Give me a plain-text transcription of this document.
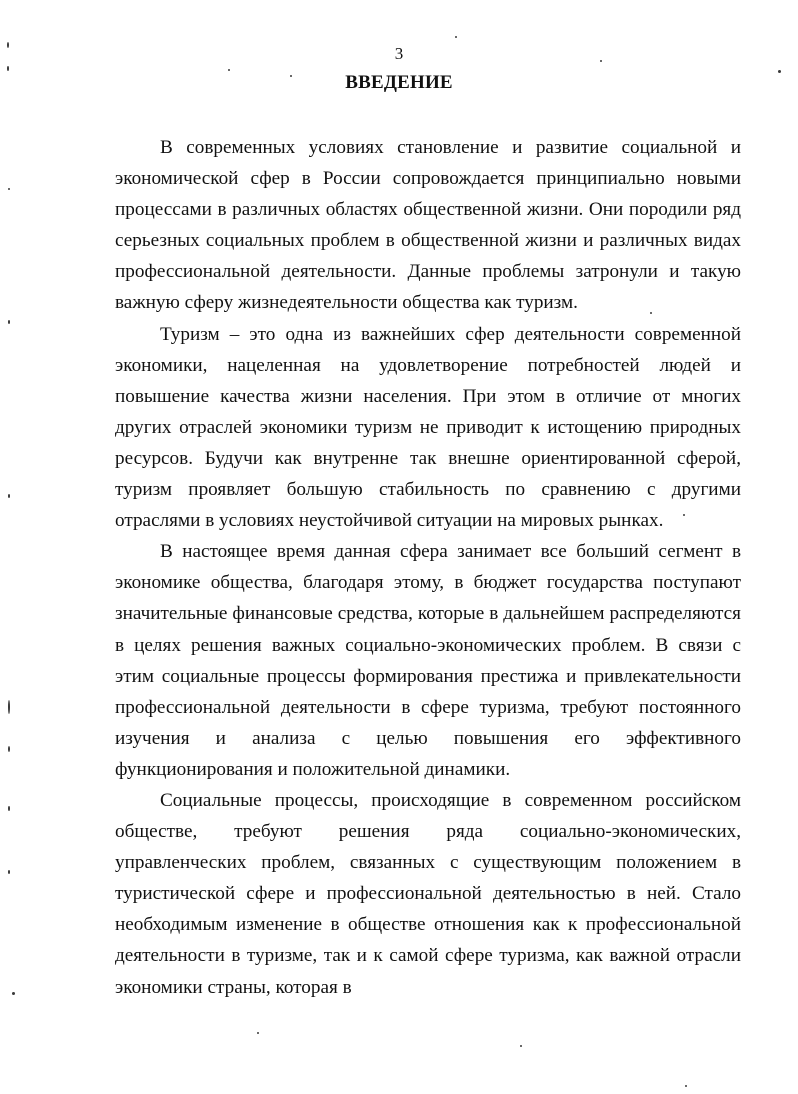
3
ВВЕДЕНИЕ

В современных условиях становление и развитие социальной и экономической сфер в России сопровождается принципиально новыми процессами в различных областях общественной жизни. Они породили ряд серьезных социальных проблем в общественной жизни и различных видах профессиональной деятельности. Данные проблемы затронули и такую важную сферу жизнедеятельности общества как туризм.

Туризм – это одна из важнейших сфер деятельности современной экономики, нацеленная на удовлетворение потребностей людей и повышение качества жизни населения. При этом в отличие от многих других отраслей экономики туризм не приводит к истощению природных ресурсов. Будучи как внутренне так внешне ориентированной сферой, туризм проявляет большую стабильность по сравнению с другими отраслями в условиях неустойчивой ситуации на мировых рынках.

В настоящее время данная сфера занимает все больший сегмент в экономике общества, благодаря этому, в бюджет государства поступают значительные финансовые средства, которые в дальнейшем распределяются в целях решения важных социально-экономических проблем. В связи с этим социальные процессы формирования престижа и привлекательности профессиональной деятельности в сфере туризма, требуют постоянного изучения и анализа с целью повышения его эффективного функционирования и положительной динамики.

Социальные процессы, происходящие в современном российском обществе, требуют решения ряда социально-экономических, управленческих проблем, связанных с существующим положением в туристической сфере и профессиональной деятельностью в ней. Стало необходимым изменение в обществе отношения как к профессиональной деятельности в туризме, так и к самой сфере туризма, как важной отрасли экономики страны, которая в
